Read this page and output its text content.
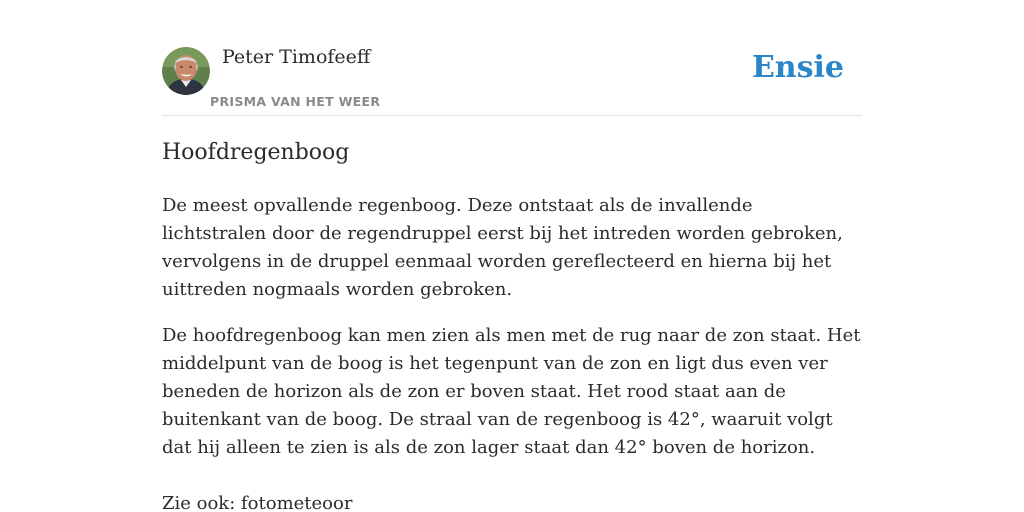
Peter Timofeeff

PRISMA VAN HET WEER
Ensie
Hoofdregenboog

De meest opvallende regenboog. Deze ontstaat als de invallende lichtstralen door de regendruppel eerst bij het intreden worden gebroken, vervolgens in de druppel eenmaal worden gereflecteerd en hierna bij het uittreden nogmaals worden gebroken.

De hoofdregenboog kan men zien als men met de rug naar de zon staat. Het middelpunt van de boog is het tegenpunt van de zon en ligt dus even ver beneden de horizon als de zon er boven staat. Het rood staat aan de buitenkant van de boog. De straal van de regenboog is 42°, waaruit volgt dat hij alleen te zien is als de zon lager staat dan 42° boven de horizon.

Zie ook: fotometeoor
